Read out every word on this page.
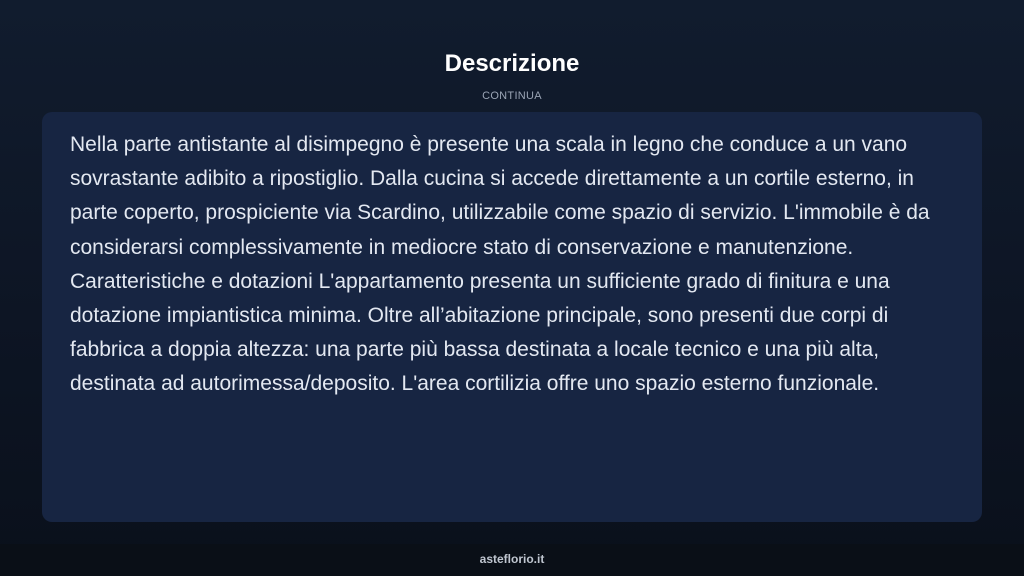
Descrizione
CONTINUA

Nella parte antistante al disimpegno è presente una scala in legno che conduce a un vano sovrastante adibito a ripostiglio. Dalla cucina si accede direttamente a un cortile esterno, in parte coperto, prospiciente via Scardino, utilizzabile come spazio di servizio. L'immobile è da considerarsi complessivamente in mediocre stato di conservazione e manutenzione. Caratteristiche e dotazioni L'appartamento presenta un sufficiente grado di finitura e una dotazione impiantistica minima. Oltre all’abitazione principale, sono presenti due corpi di fabbrica a doppia altezza: una parte più bassa destinata a locale tecnico e una più alta, destinata ad autorimessa/deposito. L'area cortilizia offre uno spazio esterno funzionale.

asteflorio.it
